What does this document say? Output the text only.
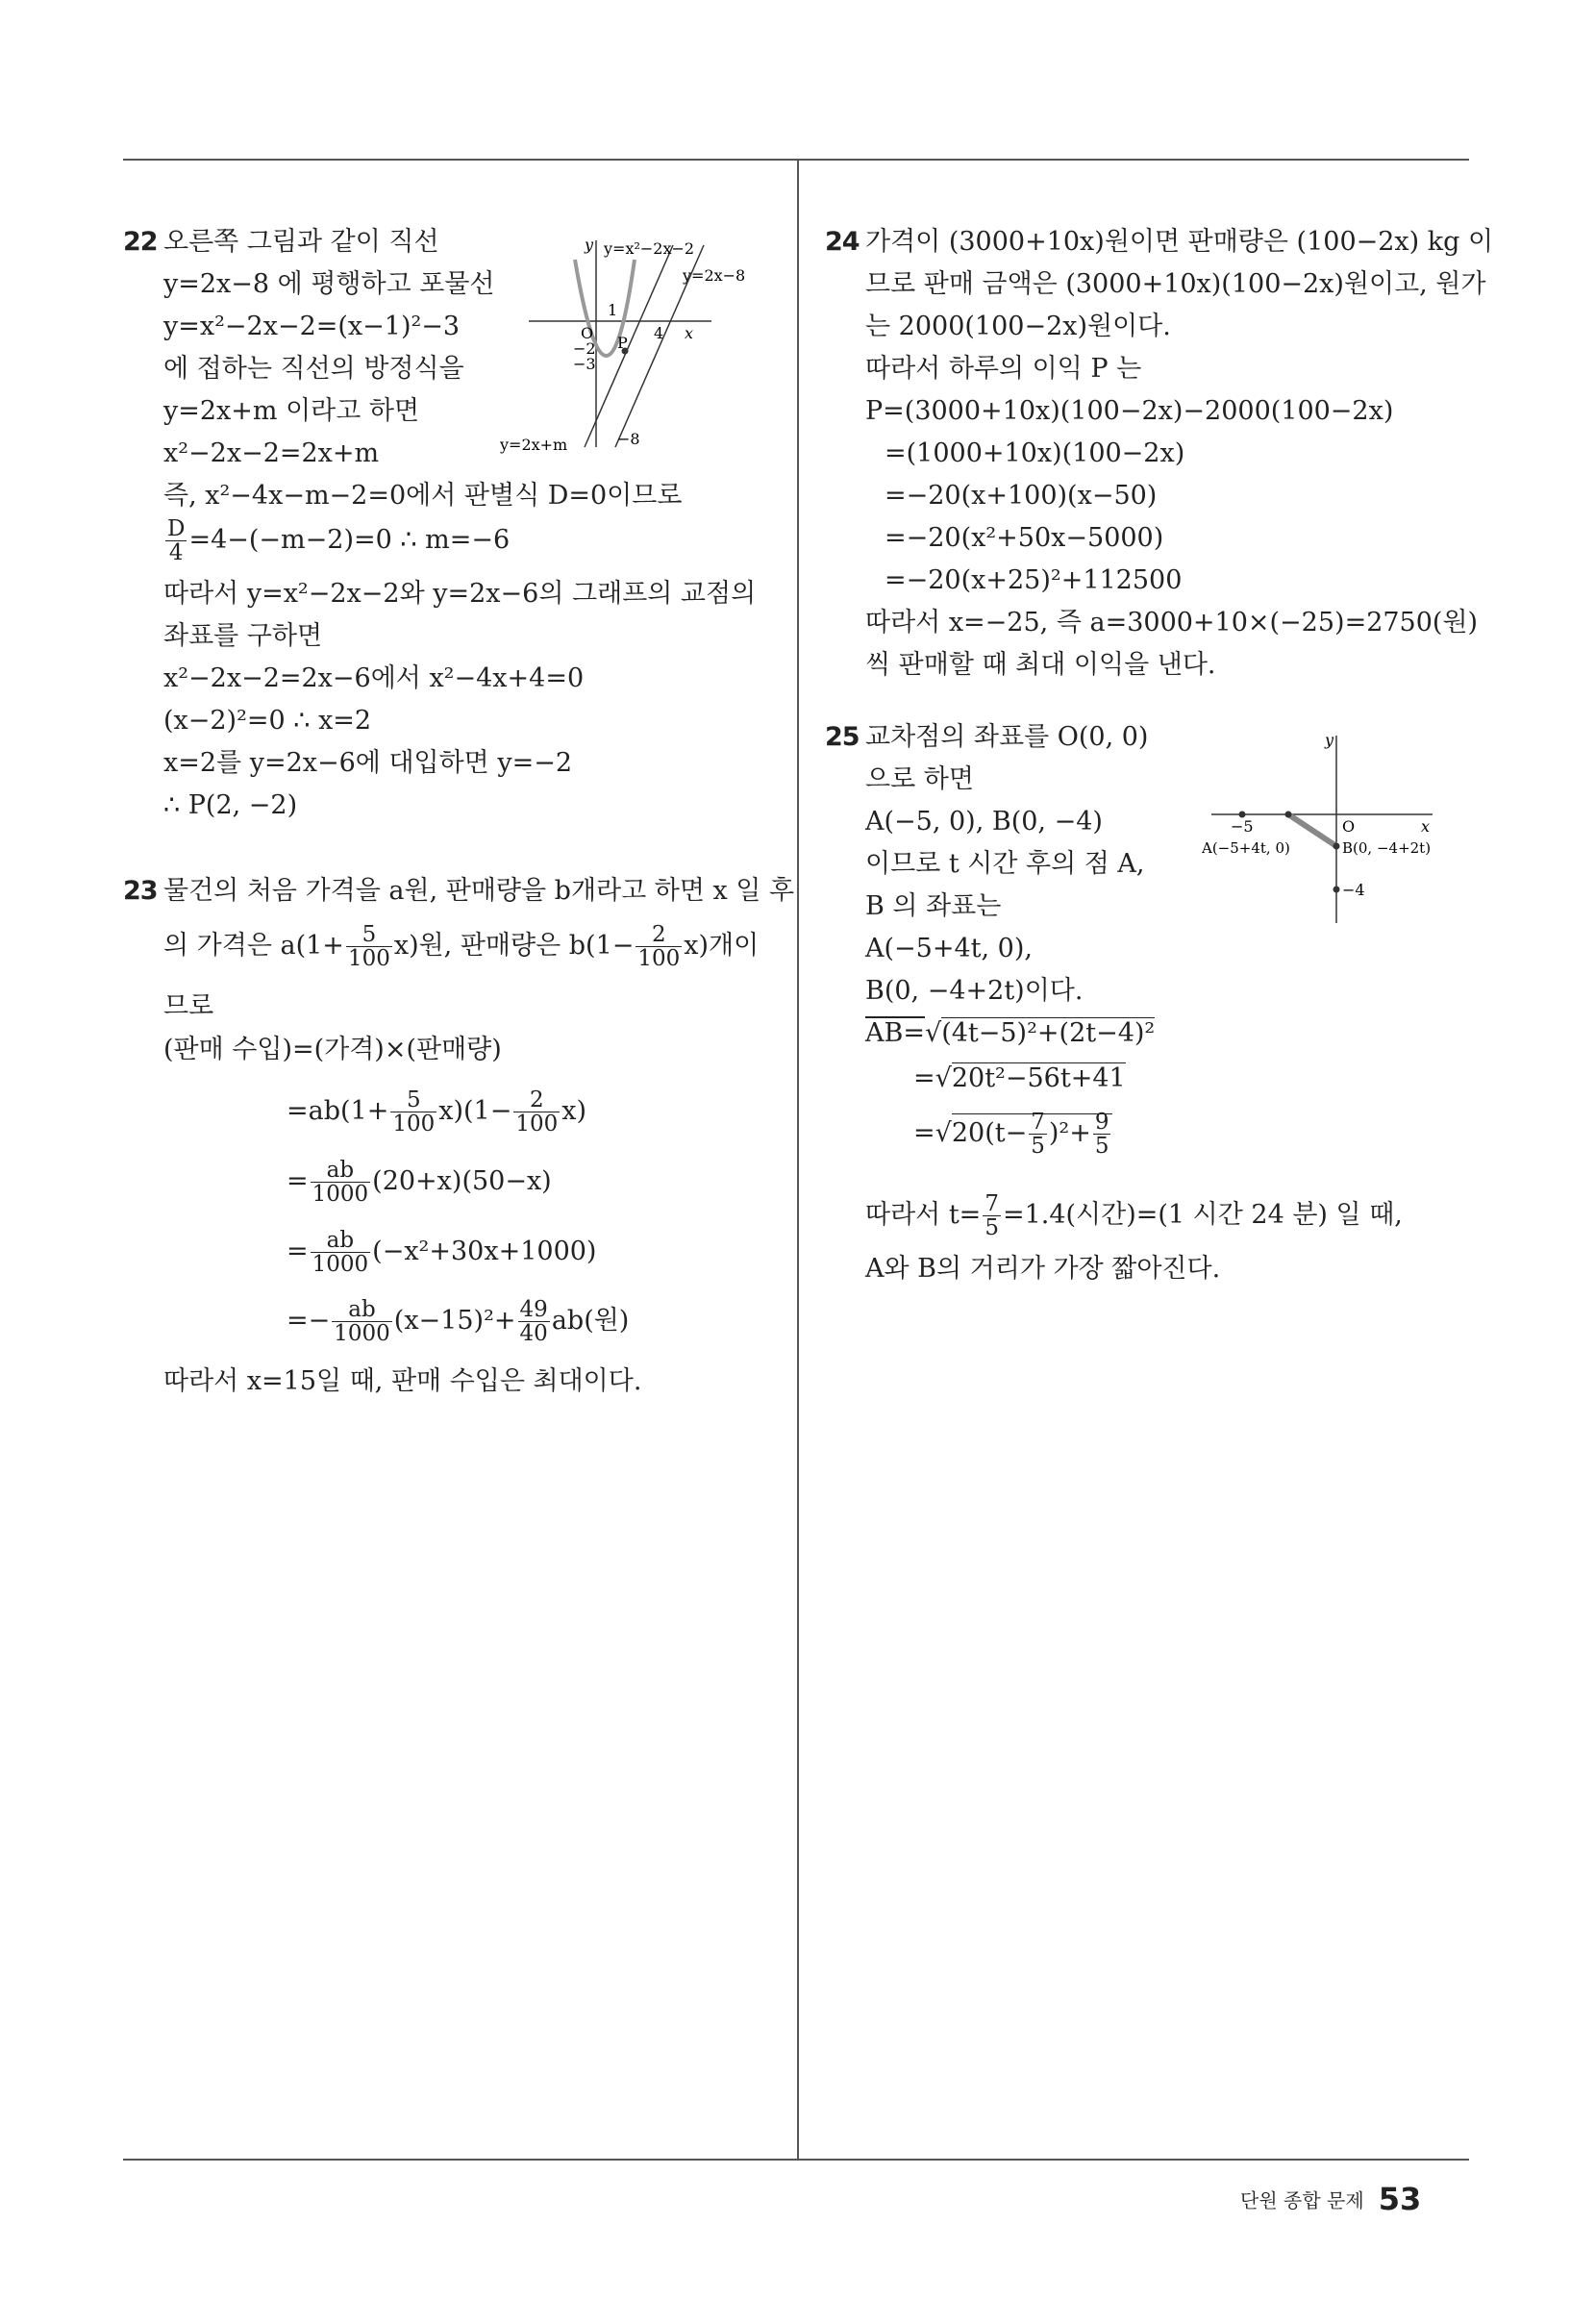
22 오른쪽 그림과 같이 직선
y=2x−8 에 평행하고 포물선
y=x²−2x−2=(x−1)²−3
에 접하는 직선의 방정식을
y=2x+m 이라고 하면
x²−2x−2=2x+m
즉, x²−4x−m−2=0에서 판별식 D=0이므로
$\frac{D}{4} =4-(-m-2)=0$ ∴ m=−6
따라서 y=x²−2x−2와 y=2x−6의 그래프의 교점의
좌표를 구하면
x²−2x−2=2x−6에서 x²−4x+4=0
(x−2)²=0 ∴ x=2
x=2를 y=2x−6에 대입하면 y=−2
∴ P(2, −2)
y y=x²−2x−2
y=2x−8
x
O
1
4
P
−2
−3
y=2x+m	−8
23 물건의 처음 가격을 a원, 판매량을 b개라고 하면 x 일 후
의 가격은 $a(1+ \frac{5}{100} x)$원, 판매량은 $b(1- \frac{2}{100} x)$개이
므로
(판매 수입)=(가격)×(판매량)
$=ab(1+ \frac{5}{100} x)(1- \frac{2}{100} x)$
= $\frac{ab}{1000} (20+x)(50-x)$
= $\frac{ab}{1000} (-x^2+30x+1000)$
=− $\frac{ab}{1000} (x-15)^2+ \frac{49}{40} ab$(원)
따라서 x=15일 때, 판매 수입은 최대이다.
24 가격이 (3000+10x)원이면 판매량은 (100−2x) kg 이
므로 판매 금액은 (3000+10x)(100−2x)원이고, 원가
는 2000(100−2x)원이다.
따라서 하루의 이익 P 는
P=(3000+10x)(100−2x)−2000(100−2x)
=(1000+10x)(100−2x)
=−20(x+100)(x−50)
=−20(x²+50x−5000)
=−20(x+25)²+112500
따라서 x=−25, 즉 a=3000+10×(−25)=2750(원)
씩 판매할 때 최대 이익을 낸다.
25 교차점의 좌표를 O(0, 0)
으로 하면
A(−5, 0), B(0, −4)
이므로 t 시간 후의 점 A,
B 의 좌표는
A(−5+4t, 0),
B(0, −4+2t)이다.
AB=√(4t−5)²+(2t−4)²
=√20t²−56t+41
$=√20(t- \frac{7}{5} )^2+ \frac{9}{5}$
따라서 $t= \frac{7}{5} =1.4$(시간)=(1 시간 24 분) 일 때,
A와 B의 거리가 가장 짧아진다.
y
x
−5	O
A(−5+4t, 0)	B(0, −4+2t)
−4
단원 종합 문제 53
